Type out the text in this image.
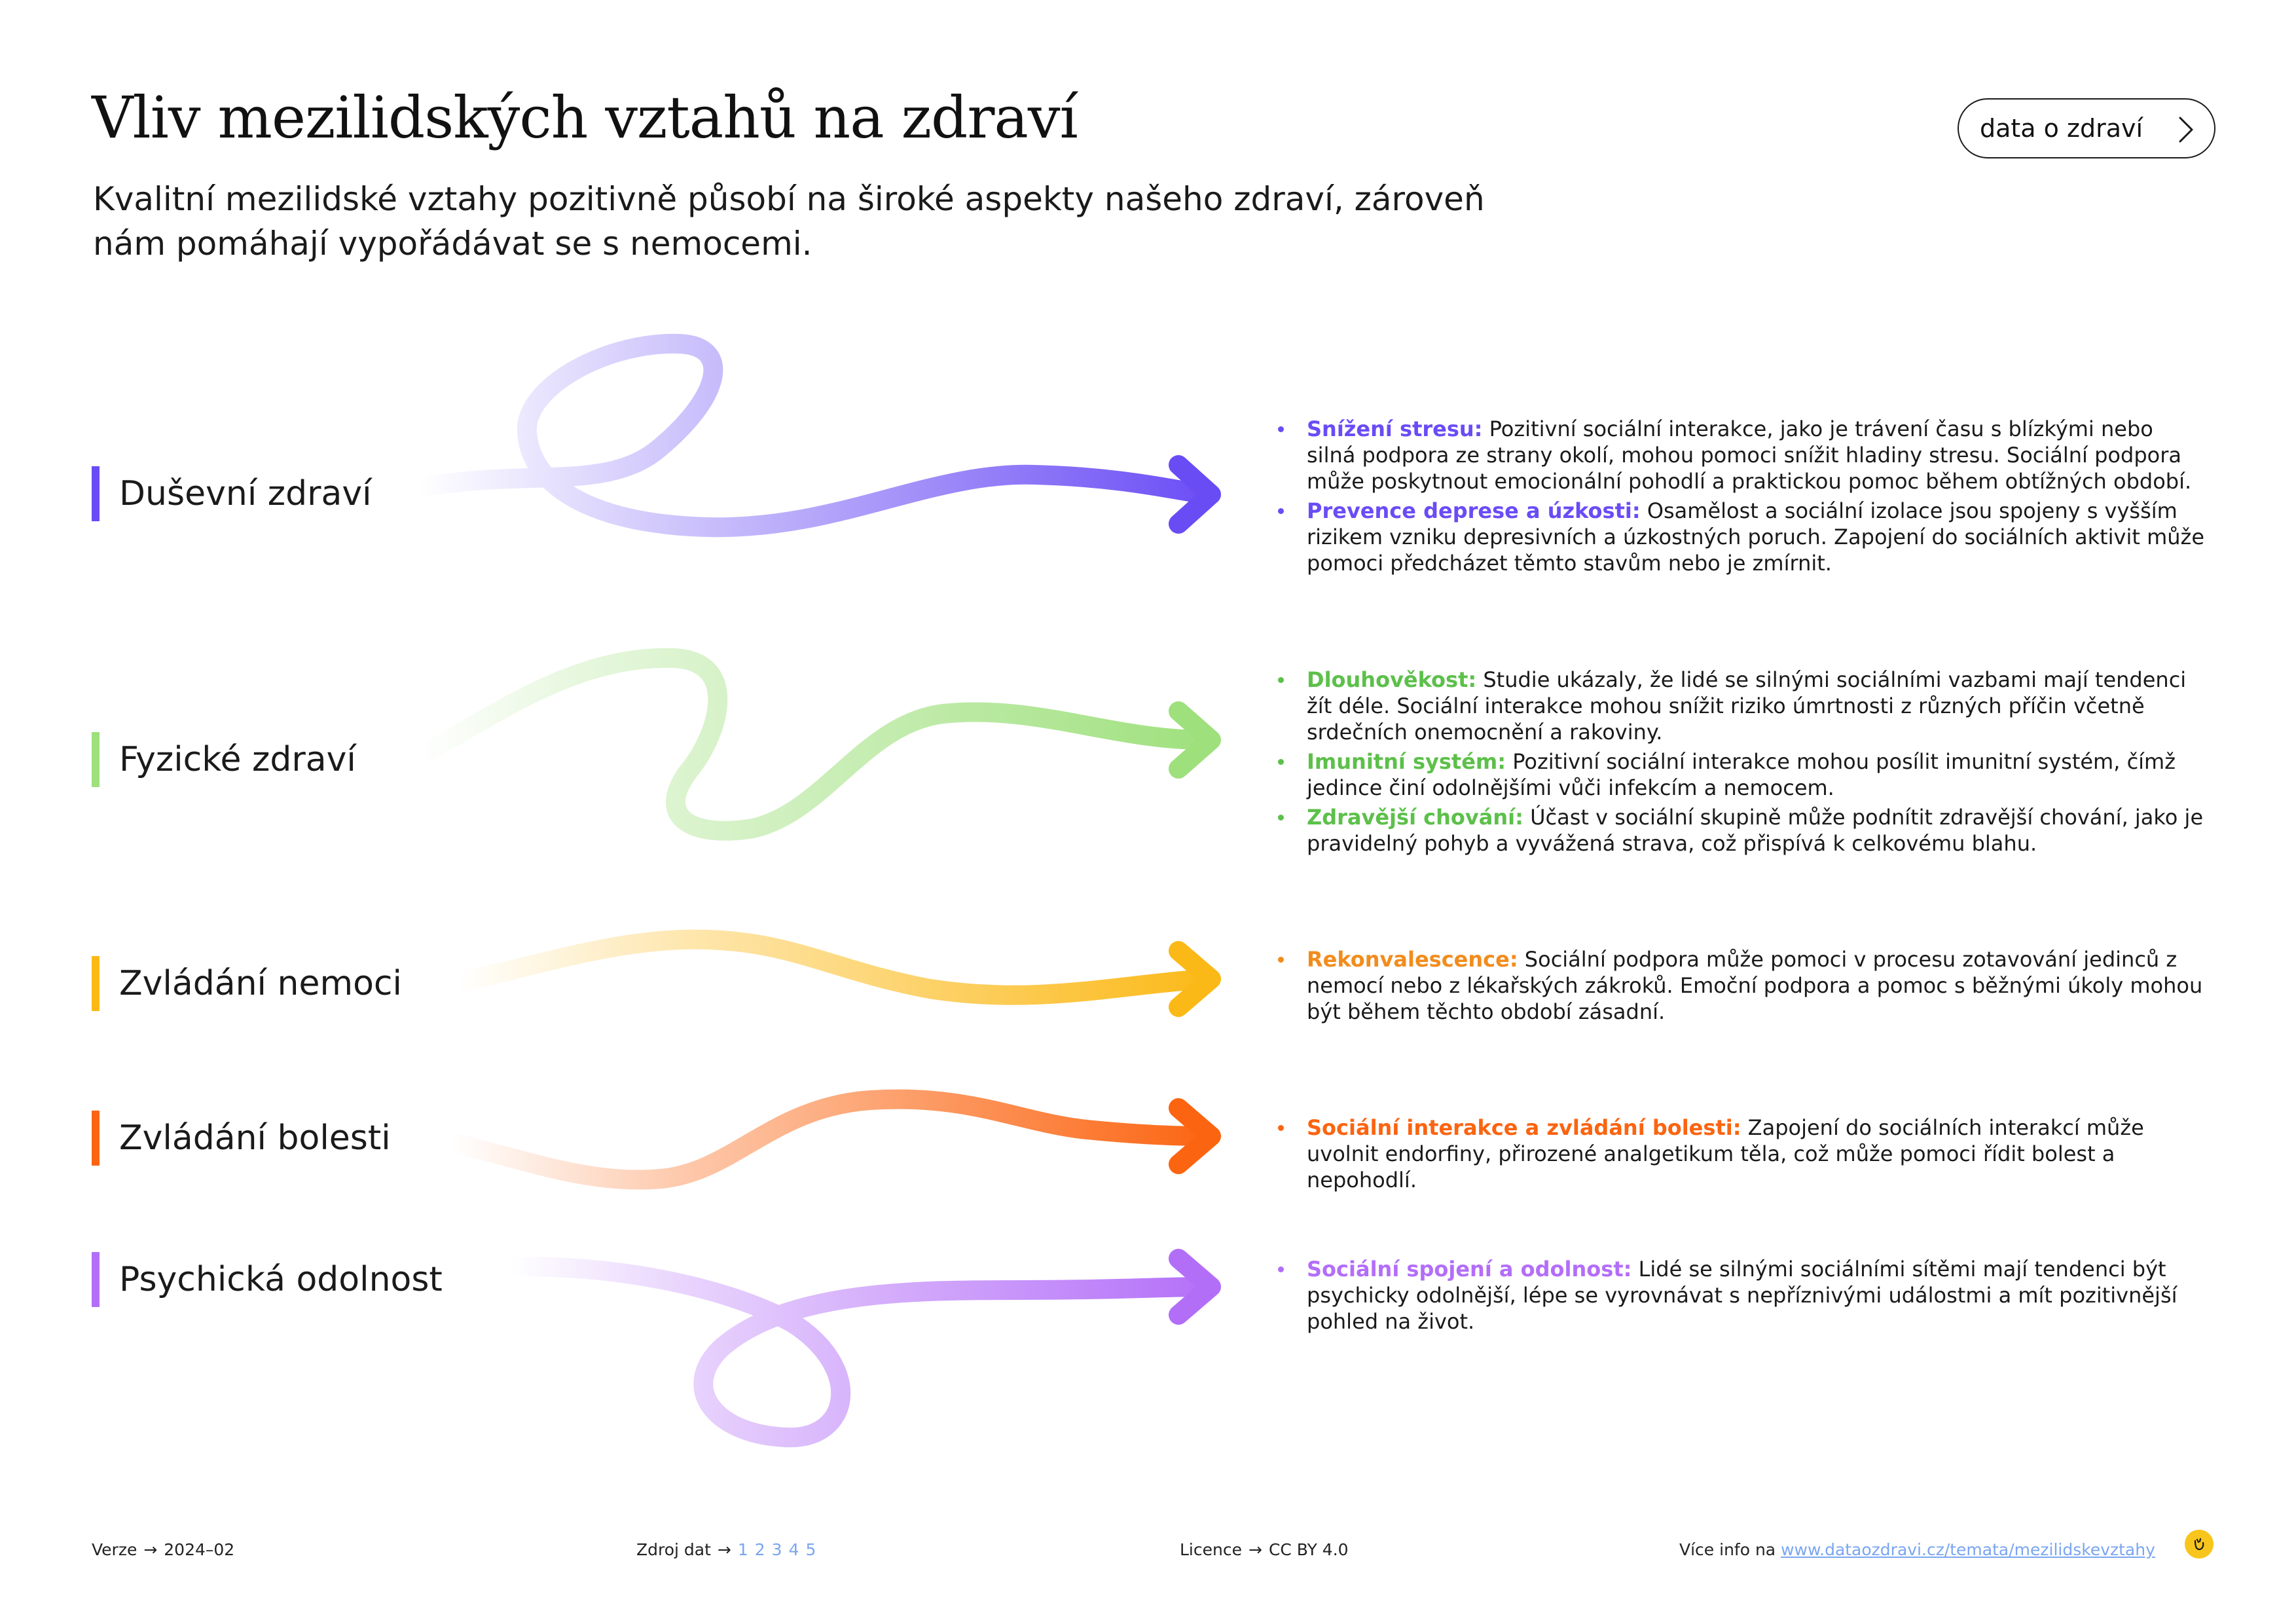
Vliv mezilidských vztahů na zdraví

Kvalitní mezilidské vztahy pozitivně působí na široké aspekty našeho zdraví, zároveň nám pomáhají vypořádávat se s nemocemi.

data o zdraví
Duševní zdraví
Fyzické zdraví
Zvládání nemoci
Zvládání bolesti
Psychická odolnost
Snížení stresu: Pozitivní sociální interakce, jako je trávení času s blízkými nebo silná podpora ze strany okolí, mohou pomoci snížit hladiny stresu. Sociální podpora může poskytnout emocionální pohodlí a praktickou pomoc během obtížných období.
Prevence deprese a úzkosti: Osamělost a sociální izolace jsou spojeny s vyšším rizikem vzniku depresivních a úzkostných poruch. Zapojení do sociálních aktivit může pomoci předcházet těmto stavům nebo je zmírnit.
Dlouhověkost: Studie ukázaly, že lidé se silnými sociálními vazbami mají tendenci žít déle. Sociální interakce mohou snížit riziko úmrtnosti z různých příčin včetně srdečních onemocnění a rakoviny.
Imunitní systém: Pozitivní sociální interakce mohou posílit imunitní systém, čímž jedince činí odolnějšími vůči infekcím a nemocem.
Zdravější chování: Účast v sociální skupině může podnítit zdravější chování, jako je pravidelný pohyb a vyvážená strava, což přispívá k celkovému blahu.
Rekonvalescence: Sociální podpora může pomoci v procesu zotavování jedinců z nemocí nebo z lékařských zákroků. Emoční podpora a pomoc s běžnými úkoly mohou být během těchto období zásadní.
Sociální interakce a zvládání bolesti: Zapojení do sociálních interakcí může uvolnit endorfiny, přirozené analgetikum těla, což může pomoci řídit bolest a nepohodlí.
Sociální spojení a odolnost: Lidé se silnými sociálními sítěmi mají tendenci být psychicky odolnější, lépe se vyrovnávat s nepříznivými událostmi a mít pozitivnější pohled na život.
Verze → 2024–02	Zdroj dat → 1 2 3 4 5	Licence → CC BY 4.0	Více info na www.dataozdravi.cz/temata/mezilidskevztahy
